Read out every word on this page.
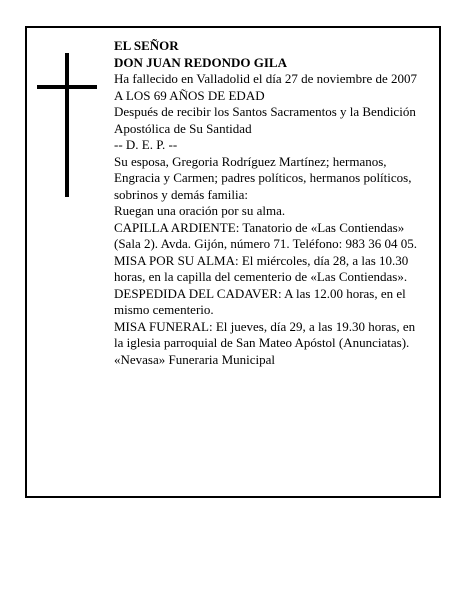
EL SEÑOR

DON JUAN REDONDO GILA

Ha fallecido en Valladolid el día 27 de noviembre de 2007

A LOS 69 AÑOS DE EDAD

Después de recibir los Santos Sacramentos y la Bendición Apostólica de Su Santidad

-- D. E. P. --

Su esposa, Gregoria Rodríguez Martínez; hermanos, Engracia y Carmen; padres políticos, hermanos políticos, sobrinos y demás familia:

Ruegan una oración por su alma.

CAPILLA ARDIENTE: Tanatorio de «Las Contiendas» (Sala 2). Avda. Gijón, número 71. Teléfono: 983 36 04 05.

MISA POR SU ALMA: El miércoles, día 28, a las 10.30 horas, en la capilla del cementerio de «Las Contiendas».

DESPEDIDA DEL CADAVER: A las 12.00 horas, en el mismo cementerio.

MISA FUNERAL: El jueves, día 29, a las 19.30 horas, en la iglesia parroquial de San Mateo Apóstol (Anunciatas).

«Nevasa» Funeraria Municipal
